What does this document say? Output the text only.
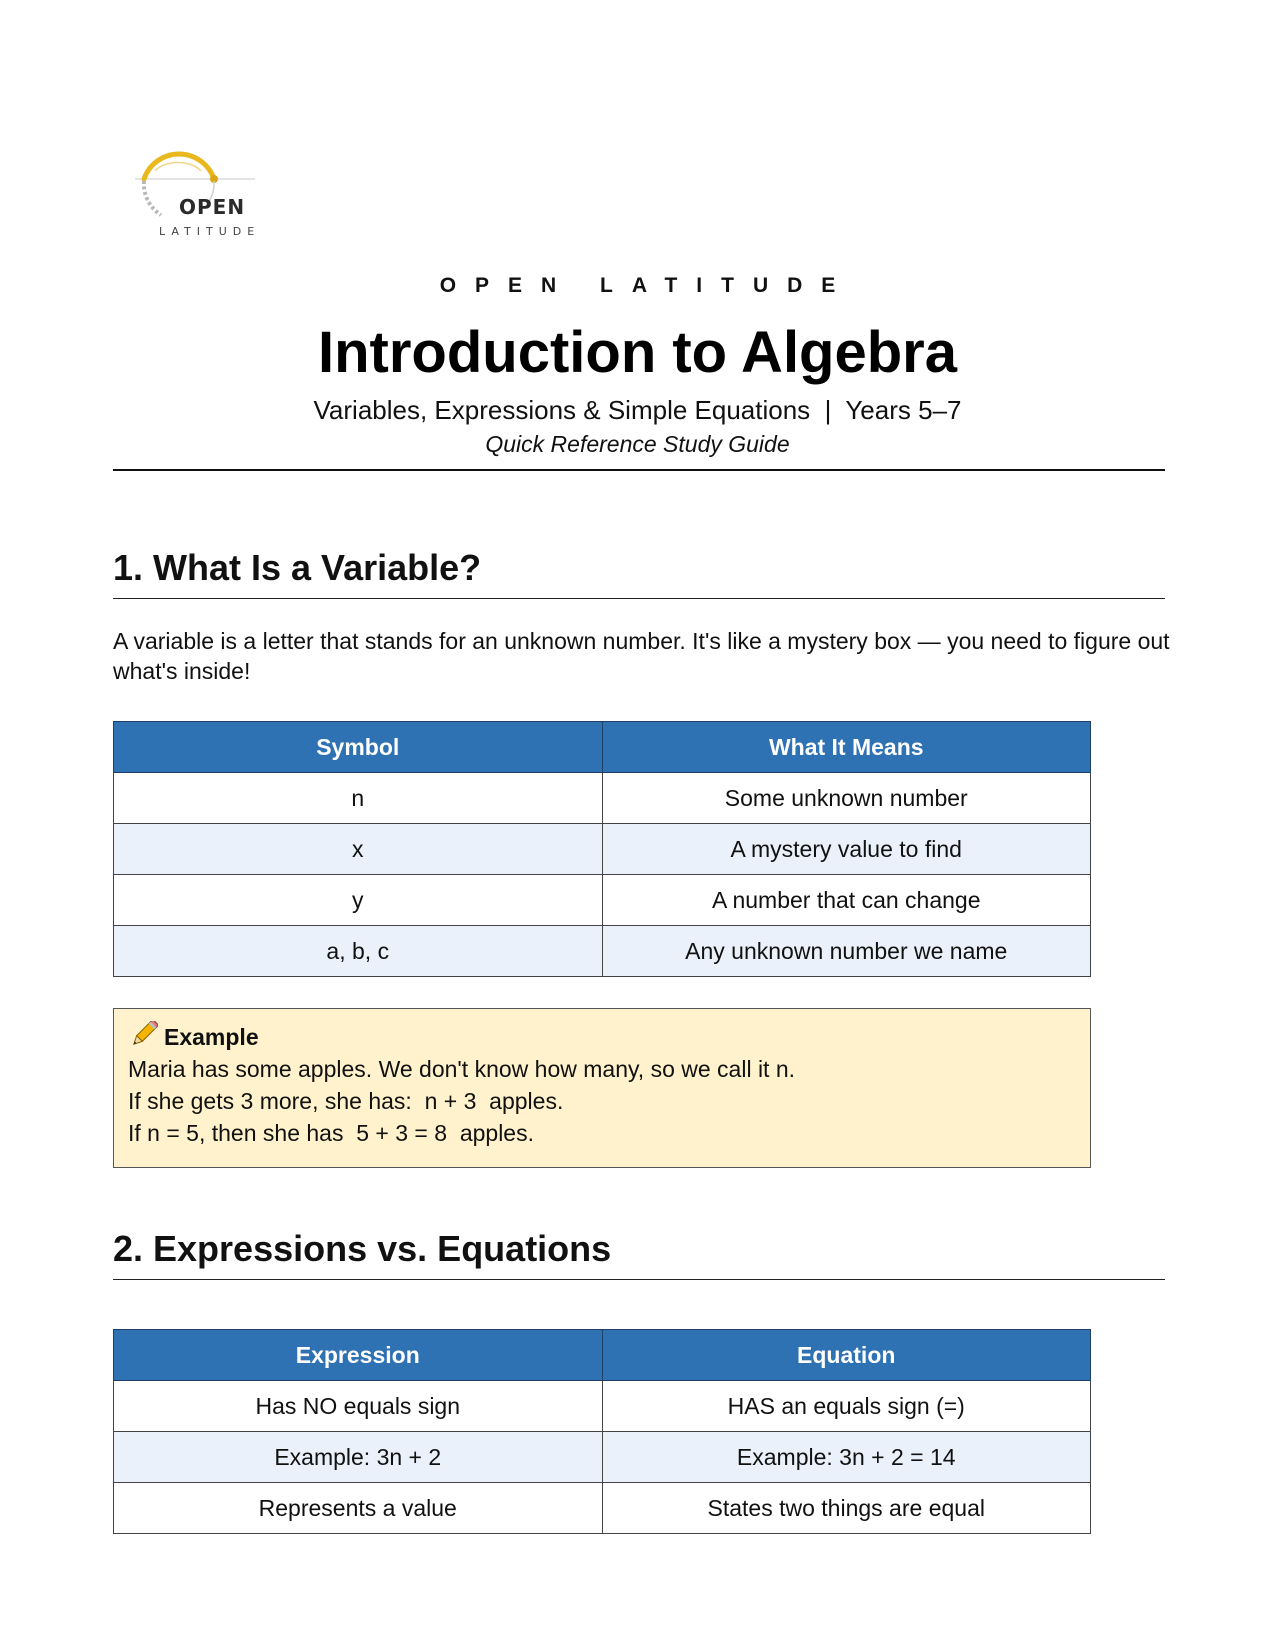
OPEN
LATITUDE
OPEN LATITUDE
Introduction to Algebra
Variables, Expressions & Simple Equations  |  Years 5–7
Quick Reference Study Guide
1. What Is a Variable?
A variable is a letter that stands for an unknown number. It's like a mystery box — you need to figure out what's inside!
Symbol	What It Means
n	Some unknown number
x	A mystery value to find
y	A number that can change
a, b, c	Any unknown number we name
Example
Maria has some apples. We don't know how many, so we call it n.
If she gets 3 more, she has:  n + 3  apples.
If n = 5, then she has  5 + 3 = 8  apples.
2. Expressions vs. Equations
Expression	Equation
Has NO equals sign	HAS an equals sign (=)
Example: 3n + 2	Example: 3n + 2 = 14
Represents a value	States two things are equal
